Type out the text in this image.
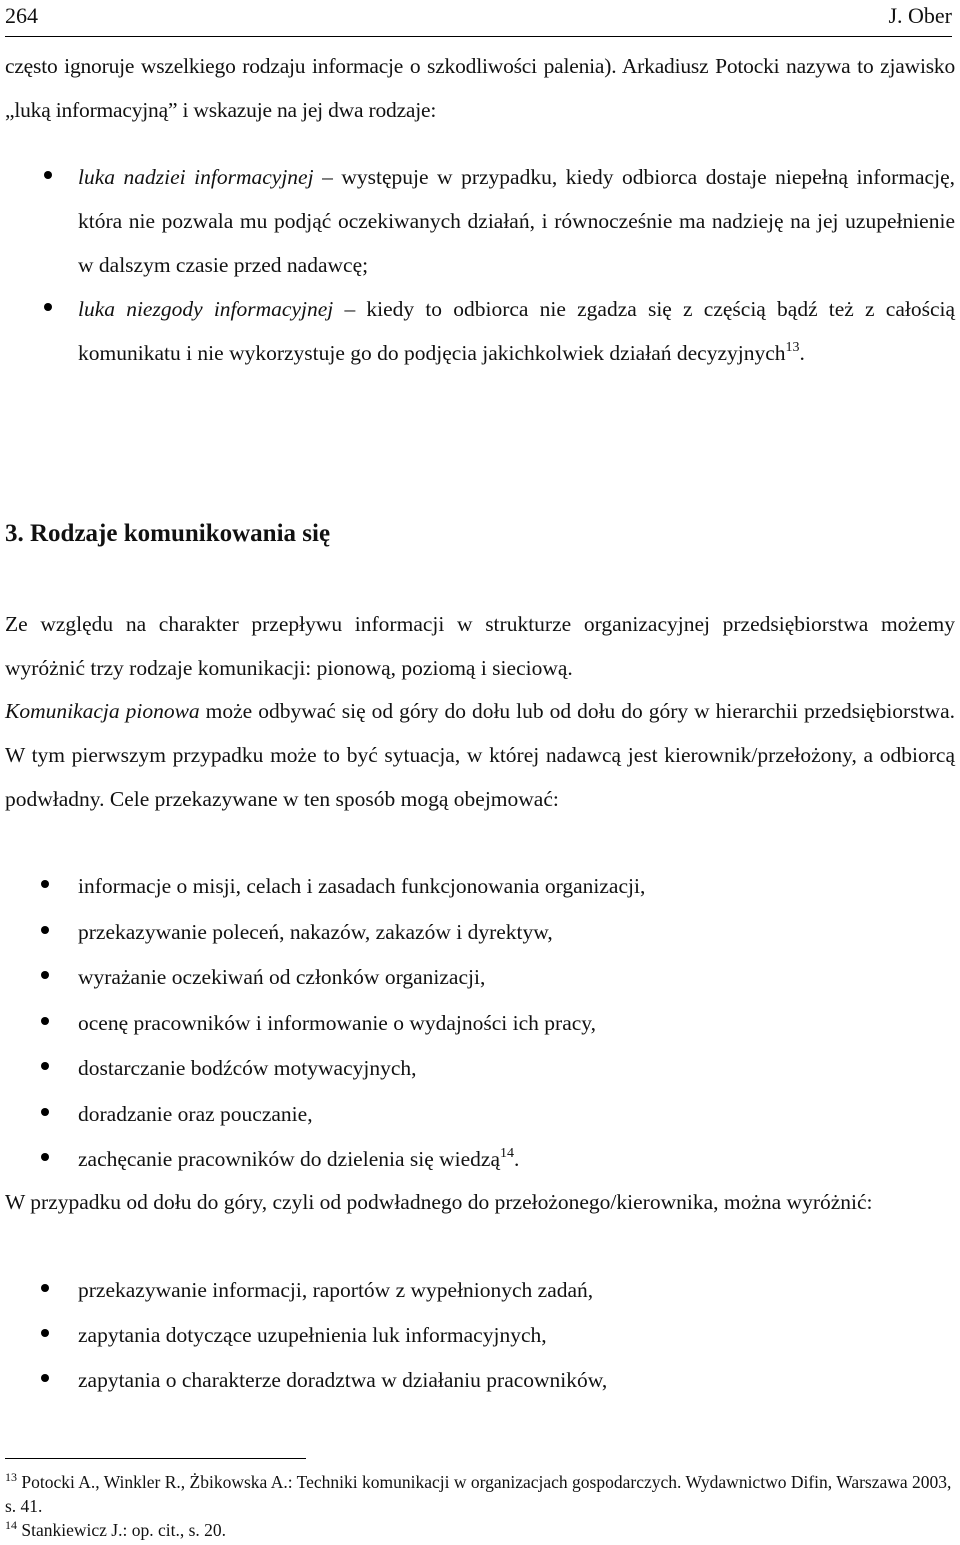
264	J. Ober
często ignoruje wszelkiego rodzaju informacje o szkodliwości palenia). Arkadiusz Potocki nazywa to zjawisko „luką informacyjną” i wskazuje na jej dwa rodzaje:
luka nadziei informacyjnej – występuje w przypadku, kiedy odbiorca dostaje niepełną informację, która nie pozwala mu podjąć oczekiwanych działań, i równocześnie ma nadzieję na jej uzupełnienie w dalszym czasie przed nadawcę;
luka niezgody informacyjnej – kiedy to odbiorca nie zgadza się z częścią bądź też z całością komunikatu i nie wykorzystuje go do podjęcia jakichkolwiek działań decyzyjnych$^{13}$.
3. Rodzaje komunikowania się
Ze względu na charakter przepływu informacji w strukturze organizacyjnej przedsiębiorstwa możemy wyróżnić trzy rodzaje komunikacji: pionową, poziomą i sieciową.
Komunikacja pionowa może odbywać się od góry do dołu lub od dołu do góry w hierarchii przedsiębiorstwa. W tym pierwszym przypadku może to być sytuacja, w której nadawcą jest kierownik/przełożony, a odbiorcą podwładny. Cele przekazywane w ten sposób mogą obejmować:
informacje o misji, celach i zasadach funkcjonowania organizacji,
przekazywanie poleceń, nakazów, zakazów i dyrektyw,
wyrażanie oczekiwań od członków organizacji,
ocenę pracowników i informowanie o wydajności ich pracy,
dostarczanie bodźców motywacyjnych,
doradzanie oraz pouczanie,
zachęcanie pracowników do dzielenia się wiedzą$^{14}$.
W przypadku od dołu do góry, czyli od podwładnego do przełożonego/kierownika, można wyróżnić:
przekazywanie informacji, raportów z wypełnionych zadań,
zapytania dotyczące uzupełnienia luk informacyjnych,
zapytania o charakterze doradztwa w działaniu pracowników,
$^{13}$ Potocki A., Winkler R., Żbikowska A.: Techniki komunikacji w organizacjach gospodarczych. Wydawnictwo Difin, Warszawa 2003, s. 41.
$^{14}$ Stankiewicz J.: op. cit., s. 20.
